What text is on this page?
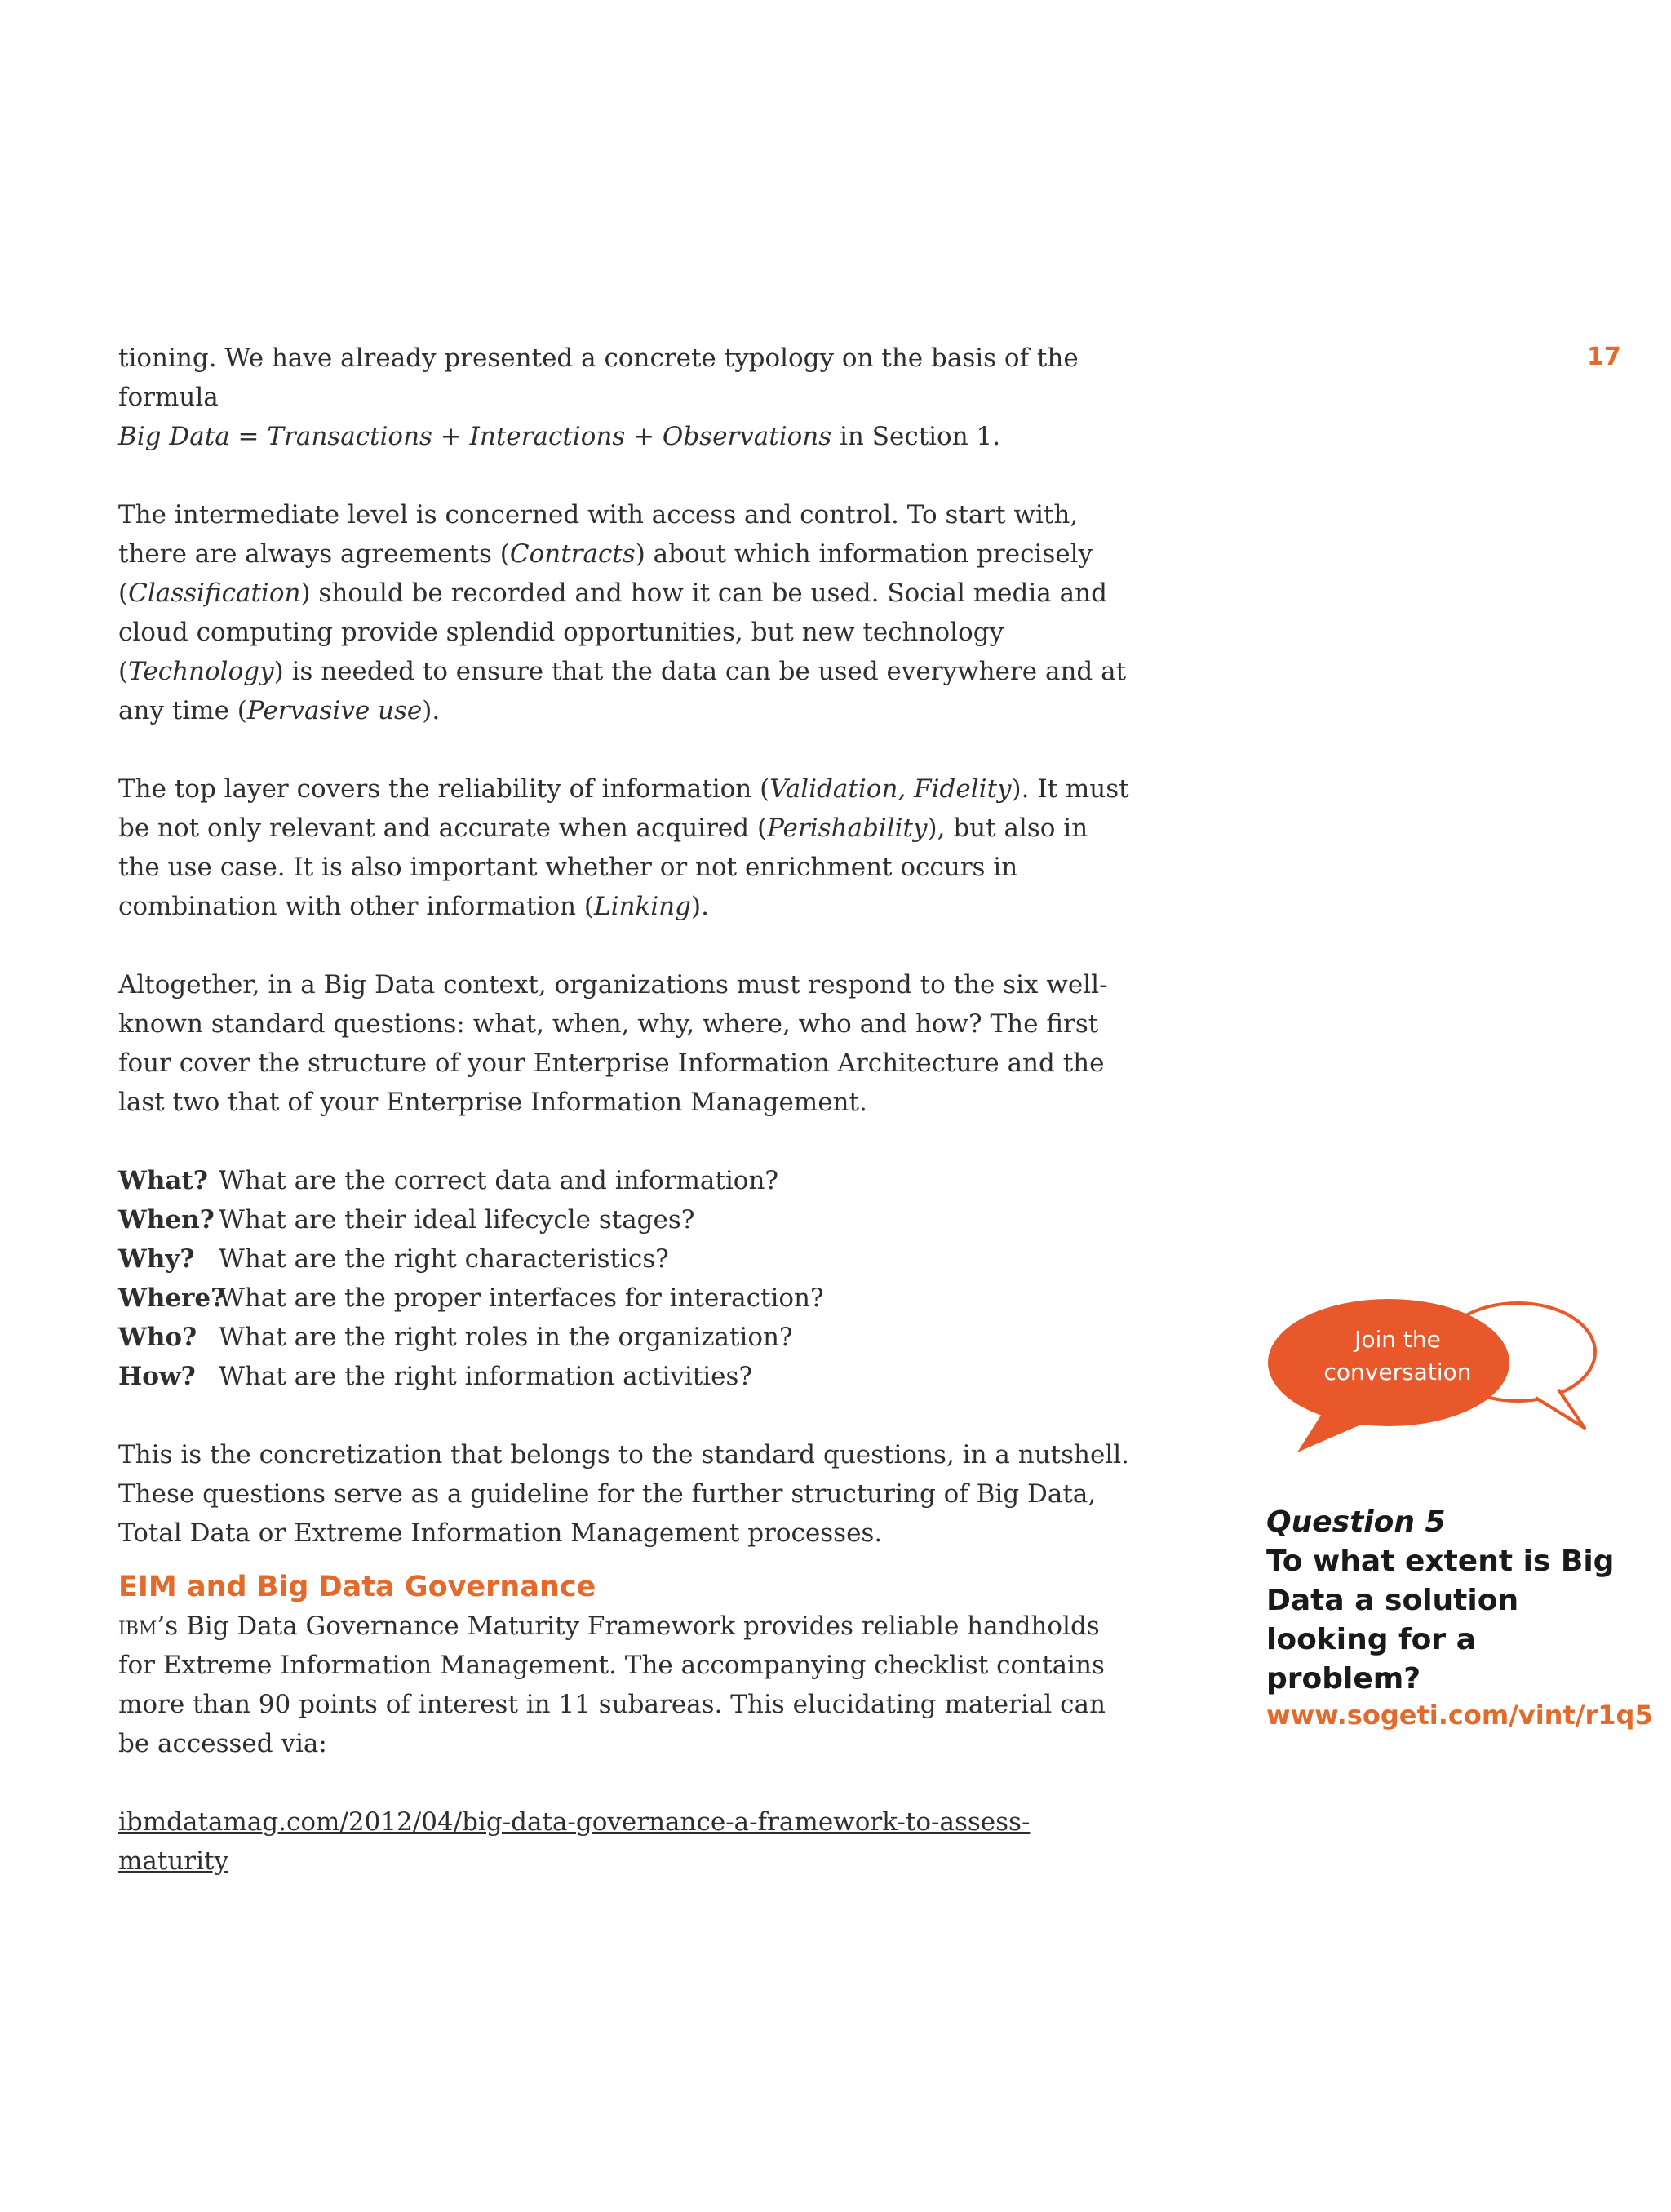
17

tioning. We have already presented a concrete typology on the basis of the formula
Big Data = Transactions + Interactions + Observations in Section 1.

The intermediate level is concerned with access and control. To start with, there are always agreements (Contracts) about which information precisely (Classification) should be recorded and how it can be used. Social media and cloud computing provide splendid opportunities, but new technology (Technology) is needed to ensure that the data can be used everywhere and at any time (Pervasive use).

The top layer covers the reliability of information (Validation, Fidelity). It must be not only relevant and accurate when acquired (Perishability), but also in the use case. It is also important whether or not enrichment occurs in combination with other information (Linking).

Altogether, in a Big Data context, organizations must respond to the six well-known standard questions: what, when, why, where, who and how? The first four cover the structure of your Enterprise Information Architecture and the last two that of your Enterprise Information Management.

What? What are the correct data and information?
When? What are their ideal lifecycle stages?
Why? What are the right characteristics?
Where?
What are the proper interfaces for interaction?
Who? What are the right roles in the organization?
How? What are the right information activities?

This is the concretization that belongs to the standard questions, in a nutshell. These questions serve as a guideline for the further structuring of Big Data, Total Data or Extreme Information Management processes.

EIM and Big Data Governance

ibm’s Big Data Governance Maturity Framework provides reliable handholds for Extreme Information Management. The accompanying checklist contains more than 90 points of interest in 11 subareas. This elucidating material can be accessed via:

ibmdatamag.com/2012/04/big-data-governance-a-framework-to-assess-maturity

Join the
conversation
Question 5
To what extent is Big Data a solution looking for a problem?
www.sogeti.com/vint/r1q5
